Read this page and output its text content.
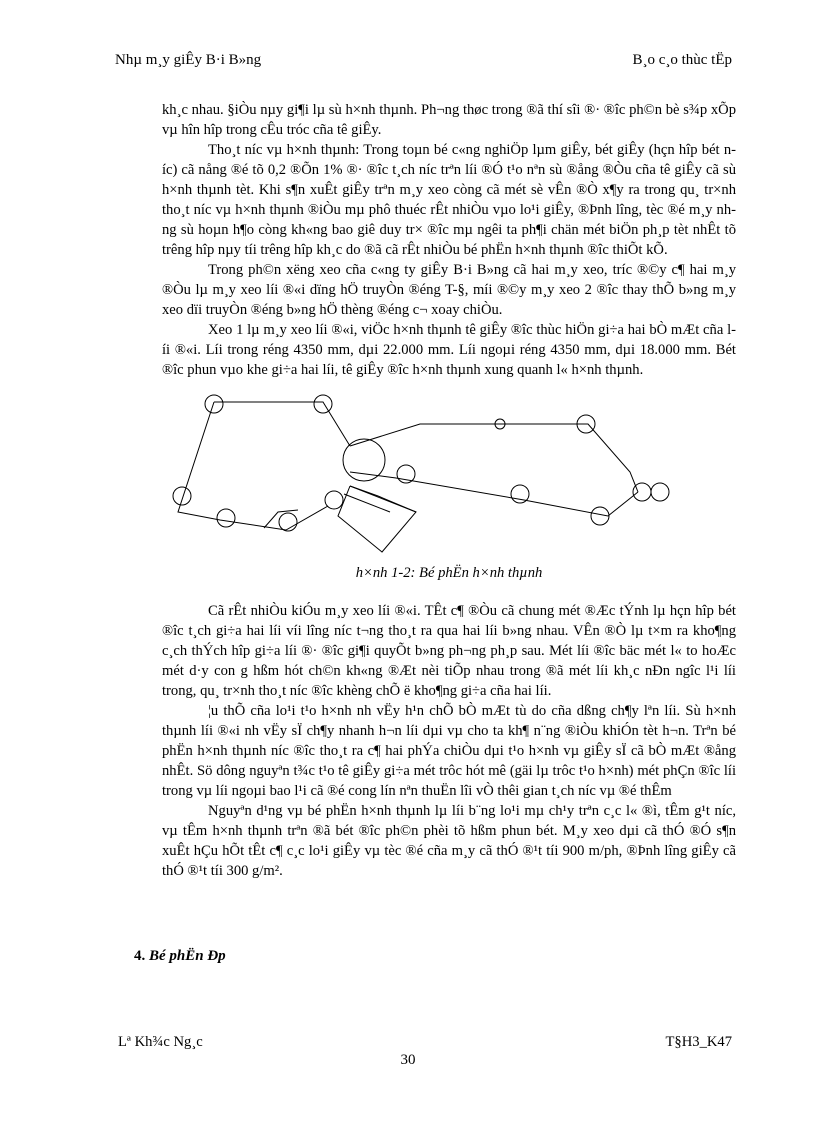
Nhµ m¸y giÊy B·i B»ng	B¸o c¸o thùc tËp

kh¸c nhau. §iÒu nµy gi¶i lµ sù h×nh thµnh. Ph¬ng thøc trong ®ã thí sîi ®· ®îc ph©n bè s¾p xÕp vµ hîn hîp trong cÊu tróc cña tê giÊy.

Tho¸t níc vµ h×nh thµnh: Trong toµn bé c«ng nghiÖp lµm giÊy, bét giÊy (hçn hîp bét níc) cã nång ®é tõ 0,2 ®Õn 1% ®· ®îc t¸ch níc trªn líi ®Ó t¹o nªn sù ®ång ®Òu cña tê giÊy cã sù h×nh thµnh tèt. Khi s¶n xuÊt giÊy trªn m¸y xeo còng cã mét sè vÊn ®Ò x¶y ra trong qu¸ tr×nh tho¸t níc vµ h×nh thµnh ®iÒu mµ phô thuéc rÊt nhiÒu vµo lo¹i giÊy, ®Þnh lîng, tèc ®é m¸y nhng sù hoµn h¶o còng kh«ng bao giê duy tr× ®îc mµ ngêi ta ph¶i chän mét biÖn ph¸p tèt nhÊt tõ trêng hîp nµy tíi trêng hîp kh¸c do ®ã cã rÊt nhiÒu bé phËn h×nh thµnh ®îc thiÕt kÕ.

Trong ph©n xëng xeo cña c«ng ty giÊy B·i B»ng cã hai m¸y xeo, tríc ®©y c¶ hai m¸y ®Òu lµ m¸y xeo líi ®«i dïng hÖ truyÒn ®éng T-§, míi ®©y m¸y xeo 2 ®îc thay thÕ b»ng m¸y xeo dïi truyÒn ®éng b»ng hÖ thèng ®éng c¬ xoay chiÒu.

Xeo 1 lµ m¸y xeo líi ®«i, viÖc h×nh thµnh tê giÊy ®îc thùc hiÖn gi÷a hai bÒ mÆt cña líi ®«i. Líi trong réng 4350 mm, dµi 22.000 mm. Líi ngoµi réng 4350 mm, dµi 18.000 mm. Bét ®îc phun vµo khe gi÷a hai líi, tê giÊy ®îc h×nh thµnh xung quanh l« h×nh thµnh.

h×nh 1-2: Bé phËn h×nh thµnh

Cã rÊt nhiÒu kiÓu m¸y xeo líi ®«i. TÊt c¶ ®Òu cã chung mét ®Æc tÝnh lµ hçn hîp bét ®îc t¸ch gi÷a hai líi víi lîng níc t¬ng tho¸t ra qua hai líi b»ng nhau. VÊn ®Ò lµ t×m ra kho¶ng c¸ch thÝch hîp gi÷a líi ®· ®îc gi¶i quyÕt b»ng ph¬ng ph¸p sau. Mét líi ®îc bäc mét l« to hoÆc mét d·y con g hßm hót ch©n kh«ng ®Æt nèi tiÕp nhau trong ®ã mét líi kh¸c nÐn ngîc l¹i líi trong, qu¸ tr×nh tho¸t níc ®îc khèng chÕ ë kho¶ng gi÷a cña hai líi.

¦u thÕ cña lo¹i t¹o h×nh nh vËy h¹n chÕ bÒ mÆt tù do cña dßng ch¶y lªn líi. Sù h×nh thµnh líi ®«i nh vËy sÏ ch¶y nhanh h¬n líi dµi vµ cho ta kh¶ n¨ng ®iÒu khiÓn tèt h¬n. Trªn bé phËn h×nh thµnh níc ®îc tho¸t ra c¶ hai phÝa chiÒu dµi t¹o h×nh vµ giÊy sÏ cã bÒ mÆt ®ång nhÊt. Sö dông nguyªn t¾c t¹o tê giÊy gi÷a mét trôc hót mê (gäi lµ trôc t¹o h×nh) mét phÇn ®îc líi trong vµ líi ngoµi bao l¹i cã ®é cong lín nªn thuËn lîi vÒ thêi gian t¸ch níc vµ ®é thÊm

Nguyªn d¹ng vµ bé phËn h×nh thµnh lµ líi b¨ng lo¹i mµ ch¹y trªn c¸c l« ®ì, tÊm g¹t níc, vµ tÊm h×nh thµnh trªn ®ã bét ®îc ph©n phèi tõ hßm phun bét. M¸y xeo dµi cã thÓ ®Ó s¶n xuÊt hÇu hÕt tÊt c¶ c¸c lo¹i giÊy vµ tèc ®é cña m¸y cã thÓ ®¹t tíi 900 m/ph, ®Þnh lîng giÊy cã thÓ ®¹t tíi 300 g/m².

4. Bé phËn Ðp
Lª Kh¾c Ng¸c	T§H3_K47
30
